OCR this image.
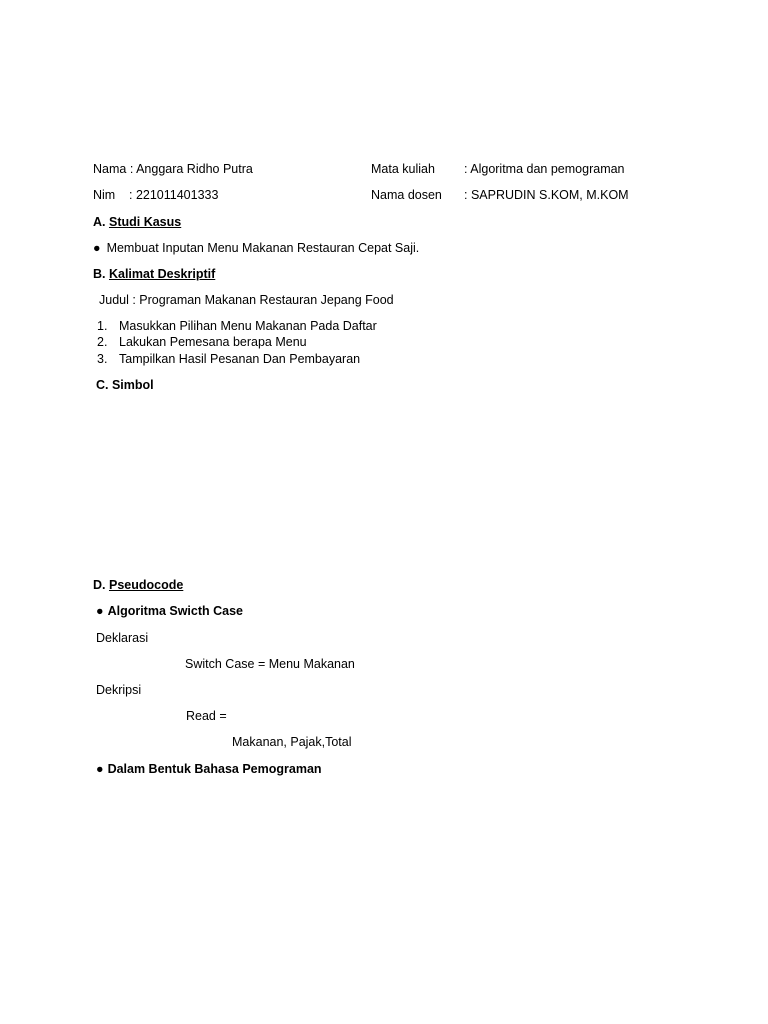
Nama : Anggara Ridho Putra
Nim : 221011401333
Mata kuliah : Algoritma dan pemograman
Nama dosen : SAPRUDIN S.KOM, M.KOM
A. Studi Kasus
● Membuat Inputan Menu Makanan Restauran Cepat Saji.
B. Kalimat Deskriptif
Judul : Programan Makanan Restauran Jepang Food
1. Masukkan Pilihan Menu Makanan Pada Daftar
2. Lakukan Pemesana berapa Menu
3. Tampilkan Hasil Pesanan Dan Pembayaran
C. Simbol
D. Pseudocode
● Algoritma Swicth Case
Deklarasi
Switch Case = Menu Makanan
Dekripsi
Read =
Makanan, Pajak,Total
● Dalam Bentuk Bahasa Pemograman
